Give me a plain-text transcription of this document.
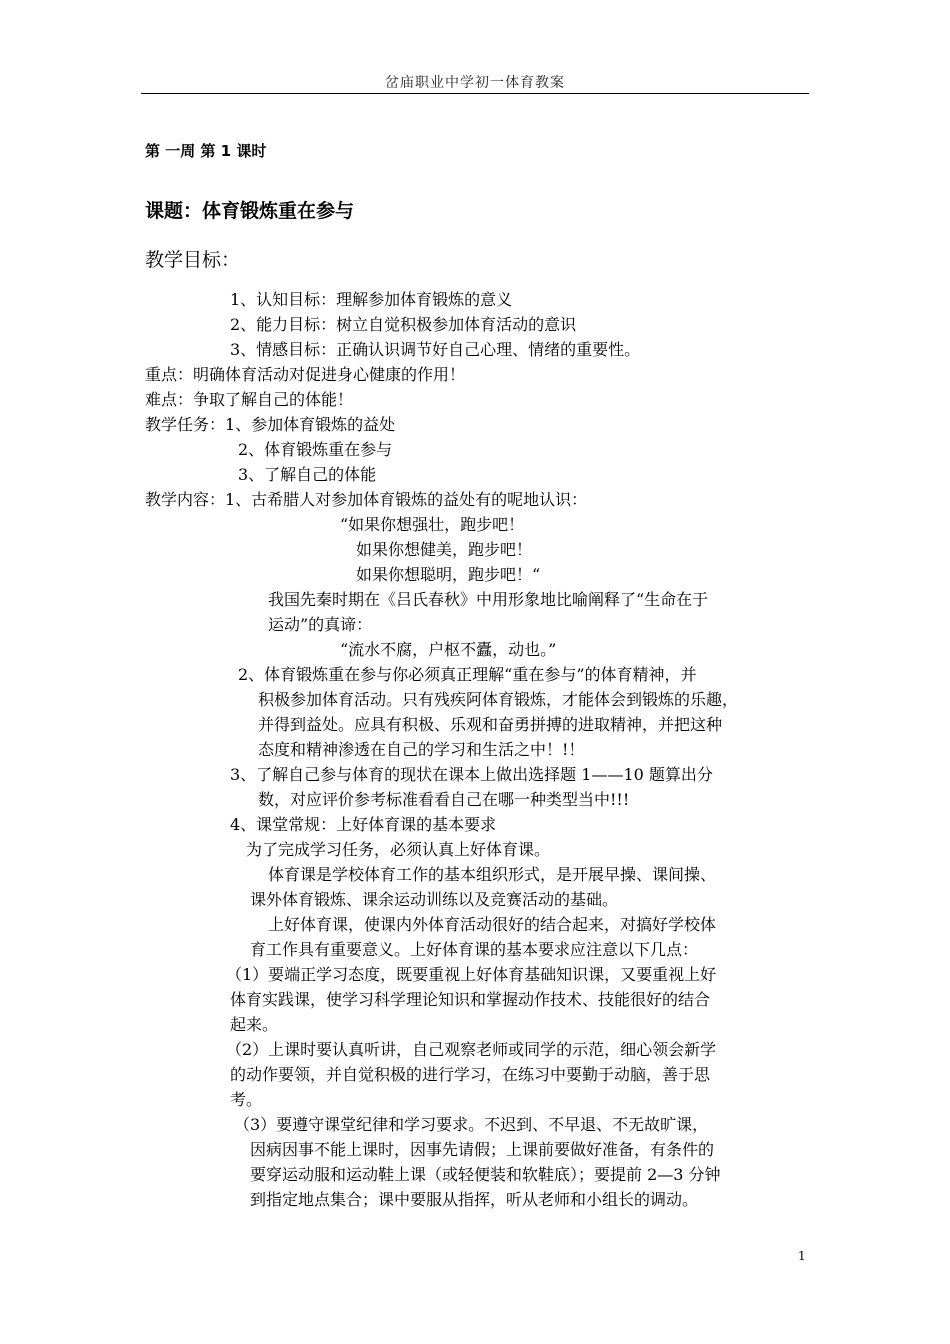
岔庙职业中学初一体育教案
第 一周 第 1 课时
课题：体育锻炼重在参与
教学目标：
1、认知目标：理解参加体育锻炼的意义
2、能力目标：树立自觉积极参加体育活动的意识
3、情感目标：正确认识调节好自己心理、情绪的重要性。
重点：明确体育活动对促进身心健康的作用！
难点：争取了解自己的体能！
教学任务：1、参加体育锻炼的益处
2、体育锻炼重在参与
3、了解自己的体能
教学内容：1、古希腊人对参加体育锻炼的益处有的呢地认识：
“如果你想强壮，跑步吧！
如果你想健美，跑步吧！
如果你想聪明，跑步吧！“
我国先秦时期在《吕氏春秋》中用形象地比喻阐释了“生命在于
运动”的真谛：
“流水不腐，户枢不蠹，动也。”
2、体育锻炼重在参与你必须真正理解“重在参与”的体育精神，并
积极参加体育活动。只有残疾阿体育锻炼，才能体会到锻炼的乐趣，
并得到益处。应具有积极、乐观和奋勇拼搏的进取精神，并把这种
态度和精神渗透在自己的学习和生活之中！!！
3、了解自己参与体育的现状在课本上做出选择题 1——10 题算出分
数，对应评价参考标准看看自己在哪一种类型当中!!!
4、课堂常规：上好体育课的基本要求
为了完成学习任务，必须认真上好体育课。
体育课是学校体育工作的基本组织形式，是开展早操、课间操、
课外体育锻炼、课余运动训练以及竞赛活动的基础。
上好体育课，使课内外体育活动很好的结合起来，对搞好学校体
育工作具有重要意义。上好体育课的基本要求应注意以下几点：
（1）要端正学习态度，既要重视上好体育基础知识课，又要重视上好
体育实践课，使学习科学理论知识和掌握动作技术、技能很好的结合
起来。
（2）上课时要认真听讲，自己观察老师或同学的示范，细心领会新学
的动作要领，并自觉积极的进行学习，在练习中要勤于动脑，善于思
考。
（3）要遵守课堂纪律和学习要求。不迟到、不早退、不无故旷课，
因病因事不能上课时，因事先请假；上课前要做好准备，有条件的
要穿运动服和运动鞋上课（或轻便装和软鞋底）；要提前 2—3 分钟
到指定地点集合；课中要服从指挥，听从老师和小组长的调动。
1
